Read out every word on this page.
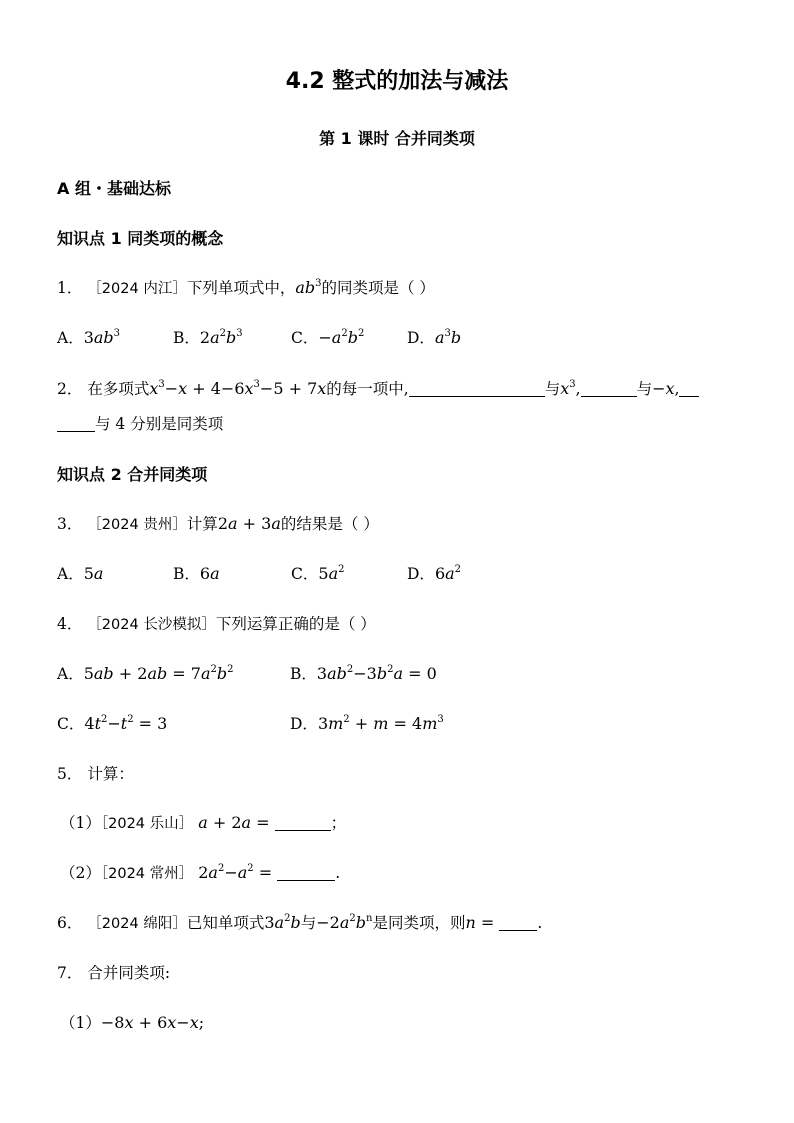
4.2 整式的加法与减法
第 1 课时 合并同类项
A 组・基础达标
知识点 1 同类项的概念
1． ［2024 内江］下列单项式中，$ab^3$的同类项是（ ）
A．$3ab^3$	B．$2a^2b^3$	C．$-a^2b^2$	D．$a^3b$
2． 在多项式$x^3-x + 4-6x^3-5 + 7x$的每一项中,	与$x^3$,	与−x,
与 4 分别是同类项
知识点 2 合并同类项
3． ［2024 贵州］计算2a + 3a的结果是（ ）
A．5a	B．6a	C．$5a^2$	D．$6a^2$
4． ［2024 长沙模拟］下列运算正确的是（ ）
A．$5ab + 2ab = 7a^2b^2$	B．$3ab^2-3b^2a = 0$
C．$4t^2-t^2 = 3$	D．$3m^2 + m = 4m^3$
5． 计算：
（1）［2024 乐山］ a + 2a =	；
（2）［2024 常州］ $2a^2-a^2$ =	.
6． ［2024 绵阳］已知单项式$3a^2b$与$-2a^2b^n$是同类项，则n = .
7． 合并同类项:
（1）−8x + 6x−x;
